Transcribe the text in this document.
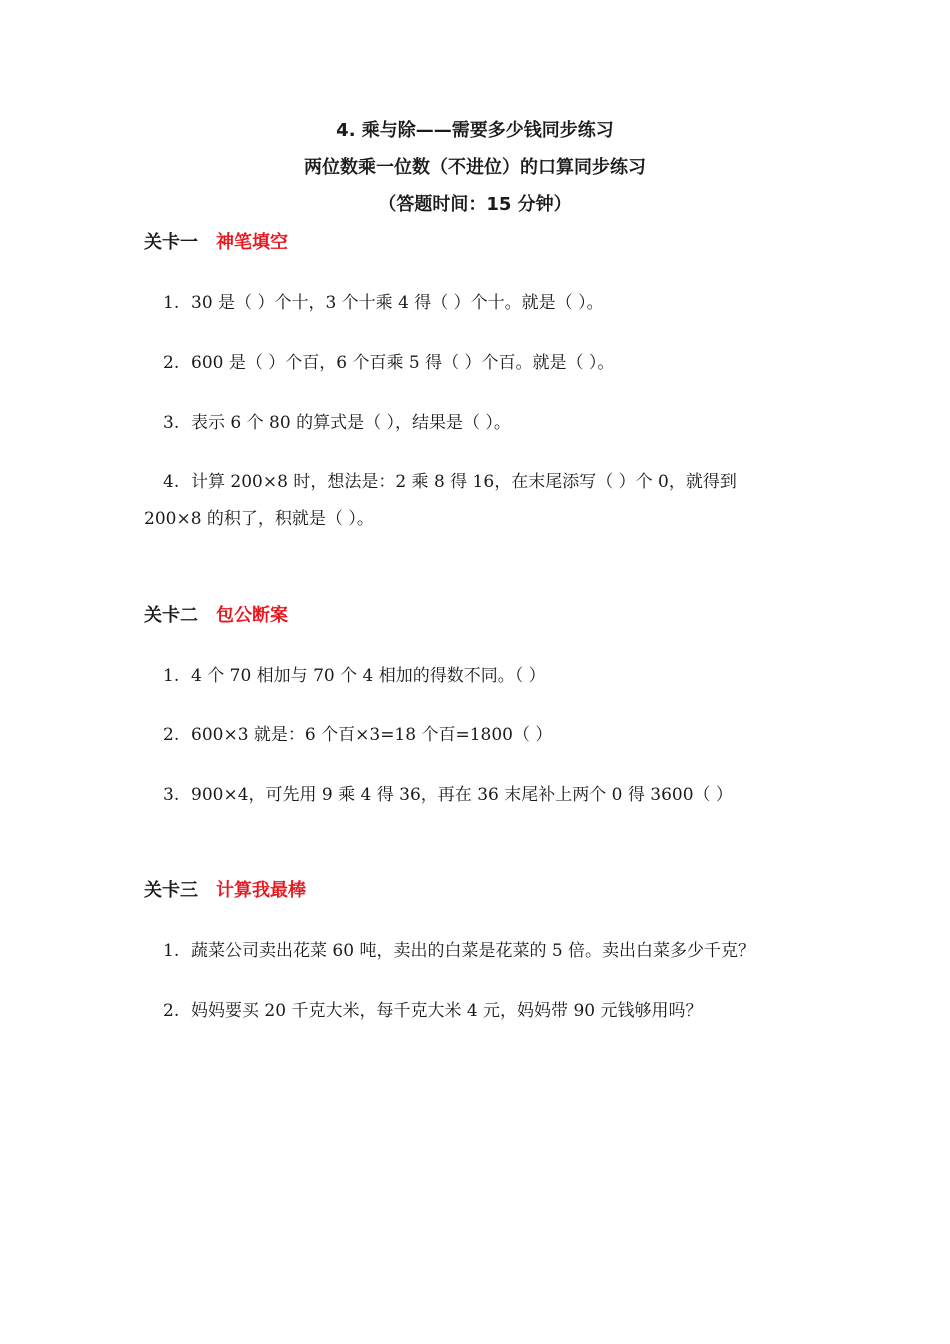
4. 乘与除——需要多少钱同步练习
两位数乘一位数（不进位）的口算同步练习
（答题时间：15 分钟）
关卡一 神笔填空
1. 30 是（ ）个十，3 个十乘 4 得（ ）个十。就是（ ）。
2. 600 是（ ）个百，6 个百乘 5 得（ ）个百。就是（ ）。
3. 表示 6 个 80 的算式是（ ），结果是（ ）。
4. 计算 200×8 时，想法是：2 乘 8 得 16，在末尾添写（ ）个 0，就得到
200×8 的积了，积就是（ ）。
关卡二 包公断案
1. 4 个 70 相加与 70 个 4 相加的得数不同。（ ）
2. 600×3 就是：6 个百×3=18 个百=1800（ ）
3. 900×4，可先用 9 乘 4 得 36，再在 36 末尾补上两个 0 得 3600（ ）
关卡三 计算我最棒
1. 蔬菜公司卖出花菜 60 吨，卖出的白菜是花菜的 5 倍。卖出白菜多少千克？
2. 妈妈要买 20 千克大米，每千克大米 4 元，妈妈带 90 元钱够用吗？
